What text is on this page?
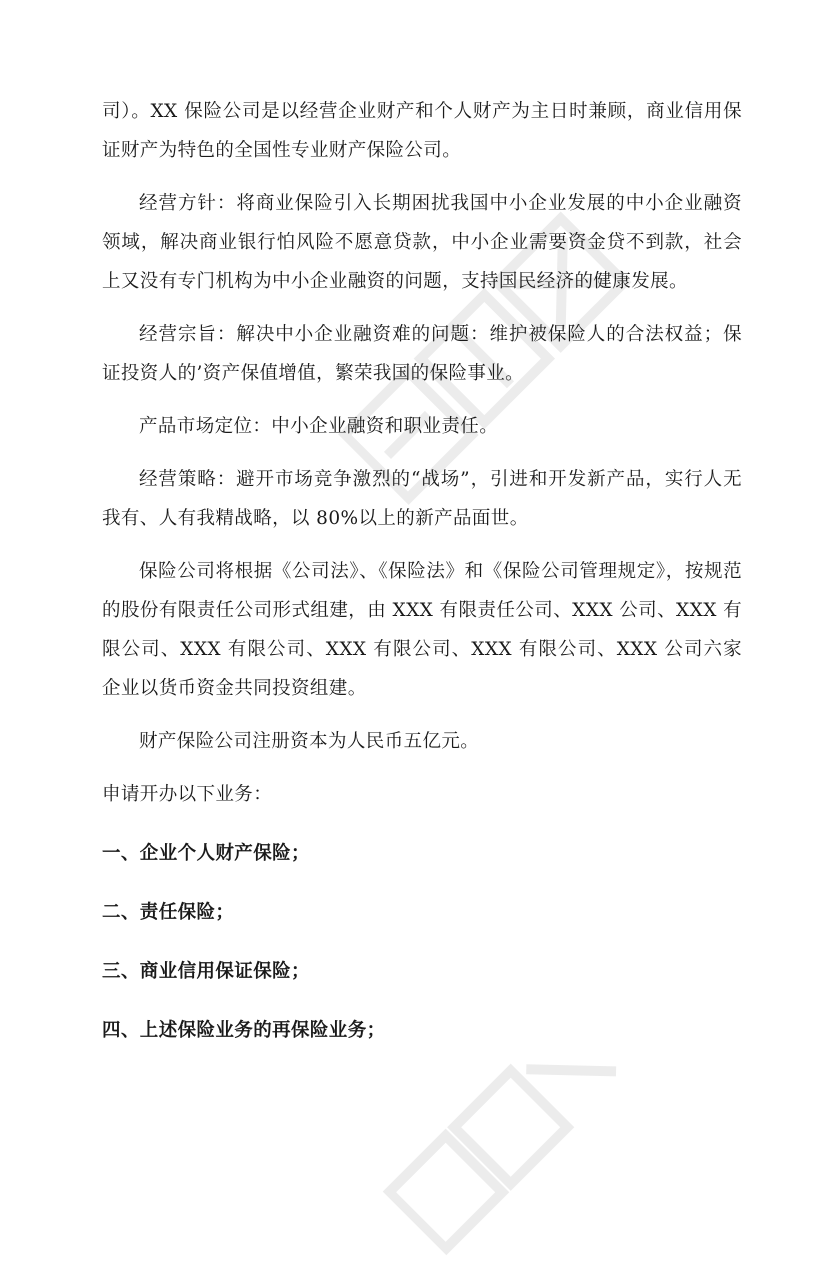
司）。XX 保险公司是以经营企业财产和个人财产为主日时兼顾，商业信用保证财产为特色的全国性专业财产保险公司。

经营方针：将商业保险引入长期困扰我国中小企业发展的中小企业融资领域，解决商业银行怕风险不愿意贷款，中小企业需要资金贷不到款，社会上又没有专门机构为中小企业融资的问题，支持国民经济的健康发展。

经营宗旨：解决中小企业融资难的问题：维护被保险人的合法权益；保证投资人的’资产保值增值，繁荣我国的保险事业。

产品市场定位：中小企业融资和职业责任。

经营策略：避开市场竞争激烈的“战场”，引进和开发新产品，实行人无我有、人有我精战略，以 80%以上的新产品面世。

保险公司将根据《公司法》、《保险法》和《保险公司管理规定》，按规范的股份有限责任公司形式组建，由 XXX 有限责任公司、XXX 公司、XXX 有限公司、XXX 有限公司、XXX 有限公司、XXX 有限公司、XXX 公司六家企业以货币资金共同投资组建。

财产保险公司注册资本为人民币五亿元。

申请开办以下业务：

一、企业个人财产保险；

二、责任保险；

三、商业信用保证保险；

四、上述保险业务的再保险业务；
